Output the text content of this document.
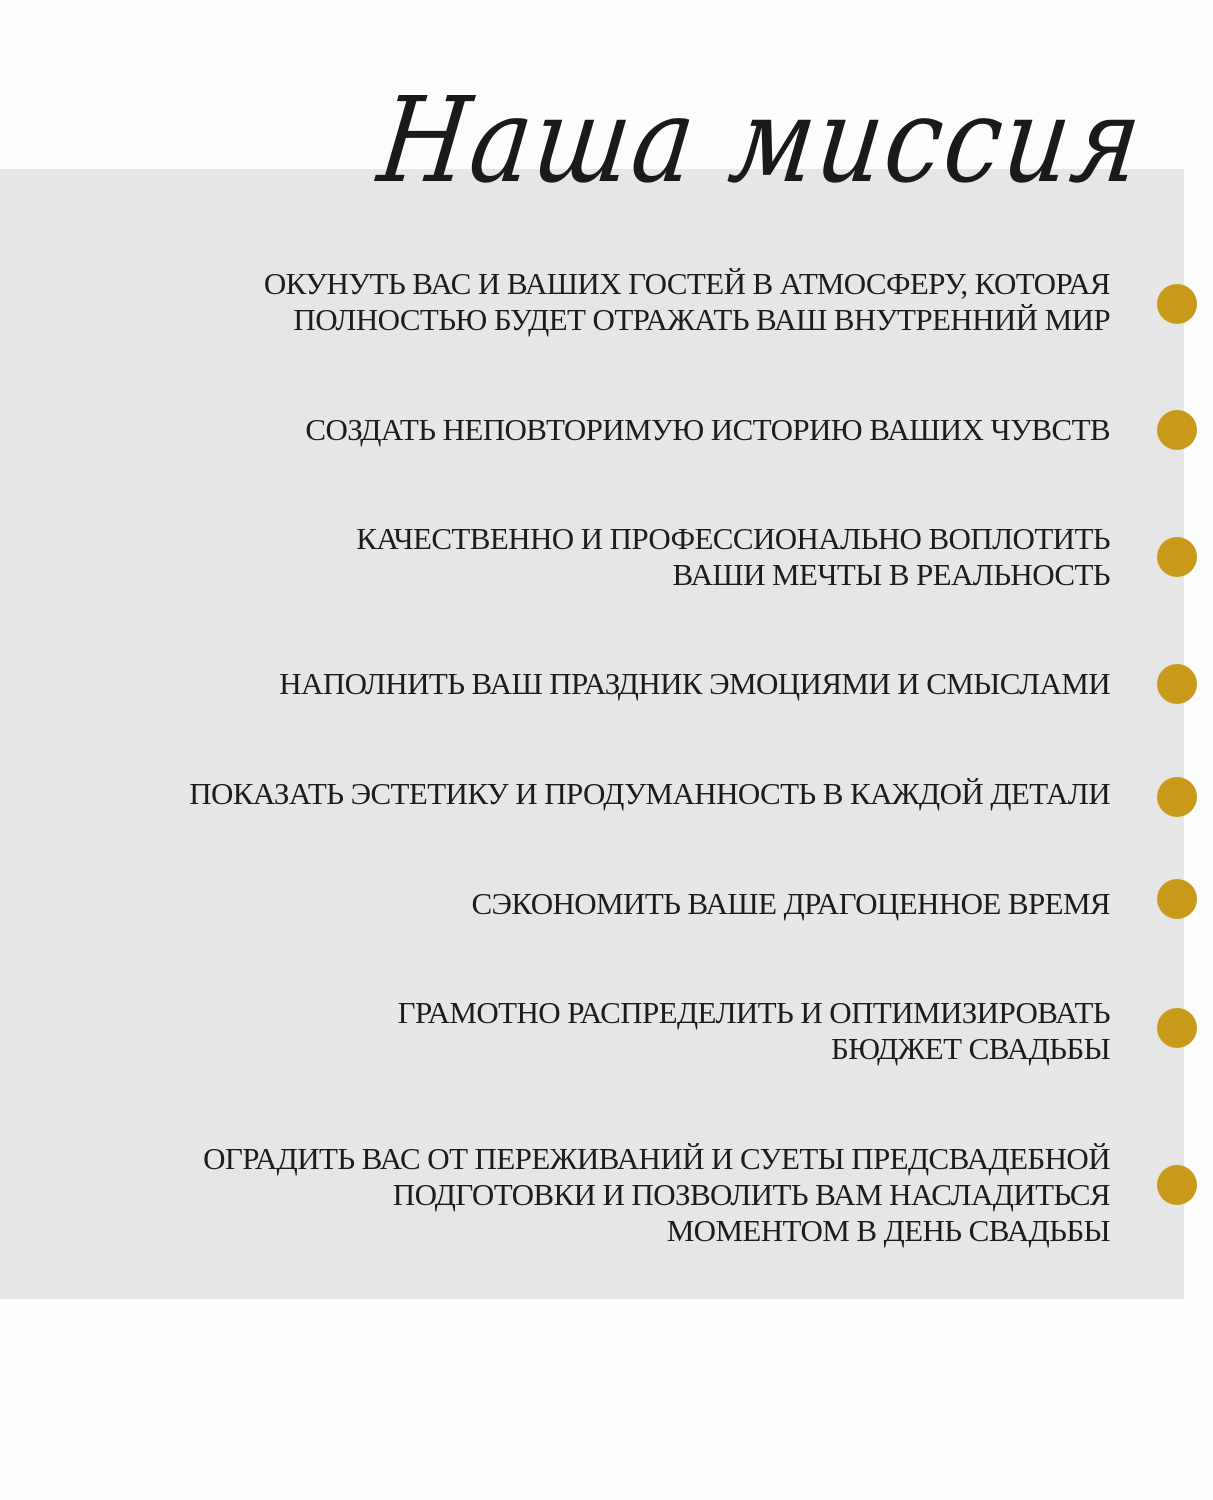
Наша миссия
ОКУНУТЬ ВАС И ВАШИХ ГОСТЕЙ В АТМОСФЕРУ, КОТОРАЯ
ПОЛНОСТЬЮ БУДЕТ ОТРАЖАТЬ ВАШ ВНУТРЕННИЙ МИР
СОЗДАТЬ НЕПОВТОРИМУЮ ИСТОРИЮ ВАШИХ ЧУВСТВ
КАЧЕСТВЕННО И ПРОФЕССИОНАЛЬНО ВОПЛОТИТЬ
ВАШИ МЕЧТЫ В РЕАЛЬНОСТЬ
НАПОЛНИТЬ ВАШ ПРАЗДНИК ЭМОЦИЯМИ И СМЫСЛАМИ
ПОКАЗАТЬ ЭСТЕТИКУ И ПРОДУМАННОСТЬ В КАЖДОЙ ДЕТАЛИ
СЭКОНОМИТЬ ВАШЕ ДРАГОЦЕННОЕ ВРЕМЯ
ГРАМОТНО РАСПРЕДЕЛИТЬ И ОПТИМИЗИРОВАТЬ
БЮДЖЕТ СВАДЬБЫ
ОГРАДИТЬ ВАС ОТ ПЕРЕЖИВАНИЙ И СУЕТЫ ПРЕДСВАДЕБНОЙ
ПОДГОТОВКИ И ПОЗВОЛИТЬ ВАМ НАСЛАДИТЬСЯ
МОМЕНТОМ В ДЕНЬ СВАДЬБЫ
